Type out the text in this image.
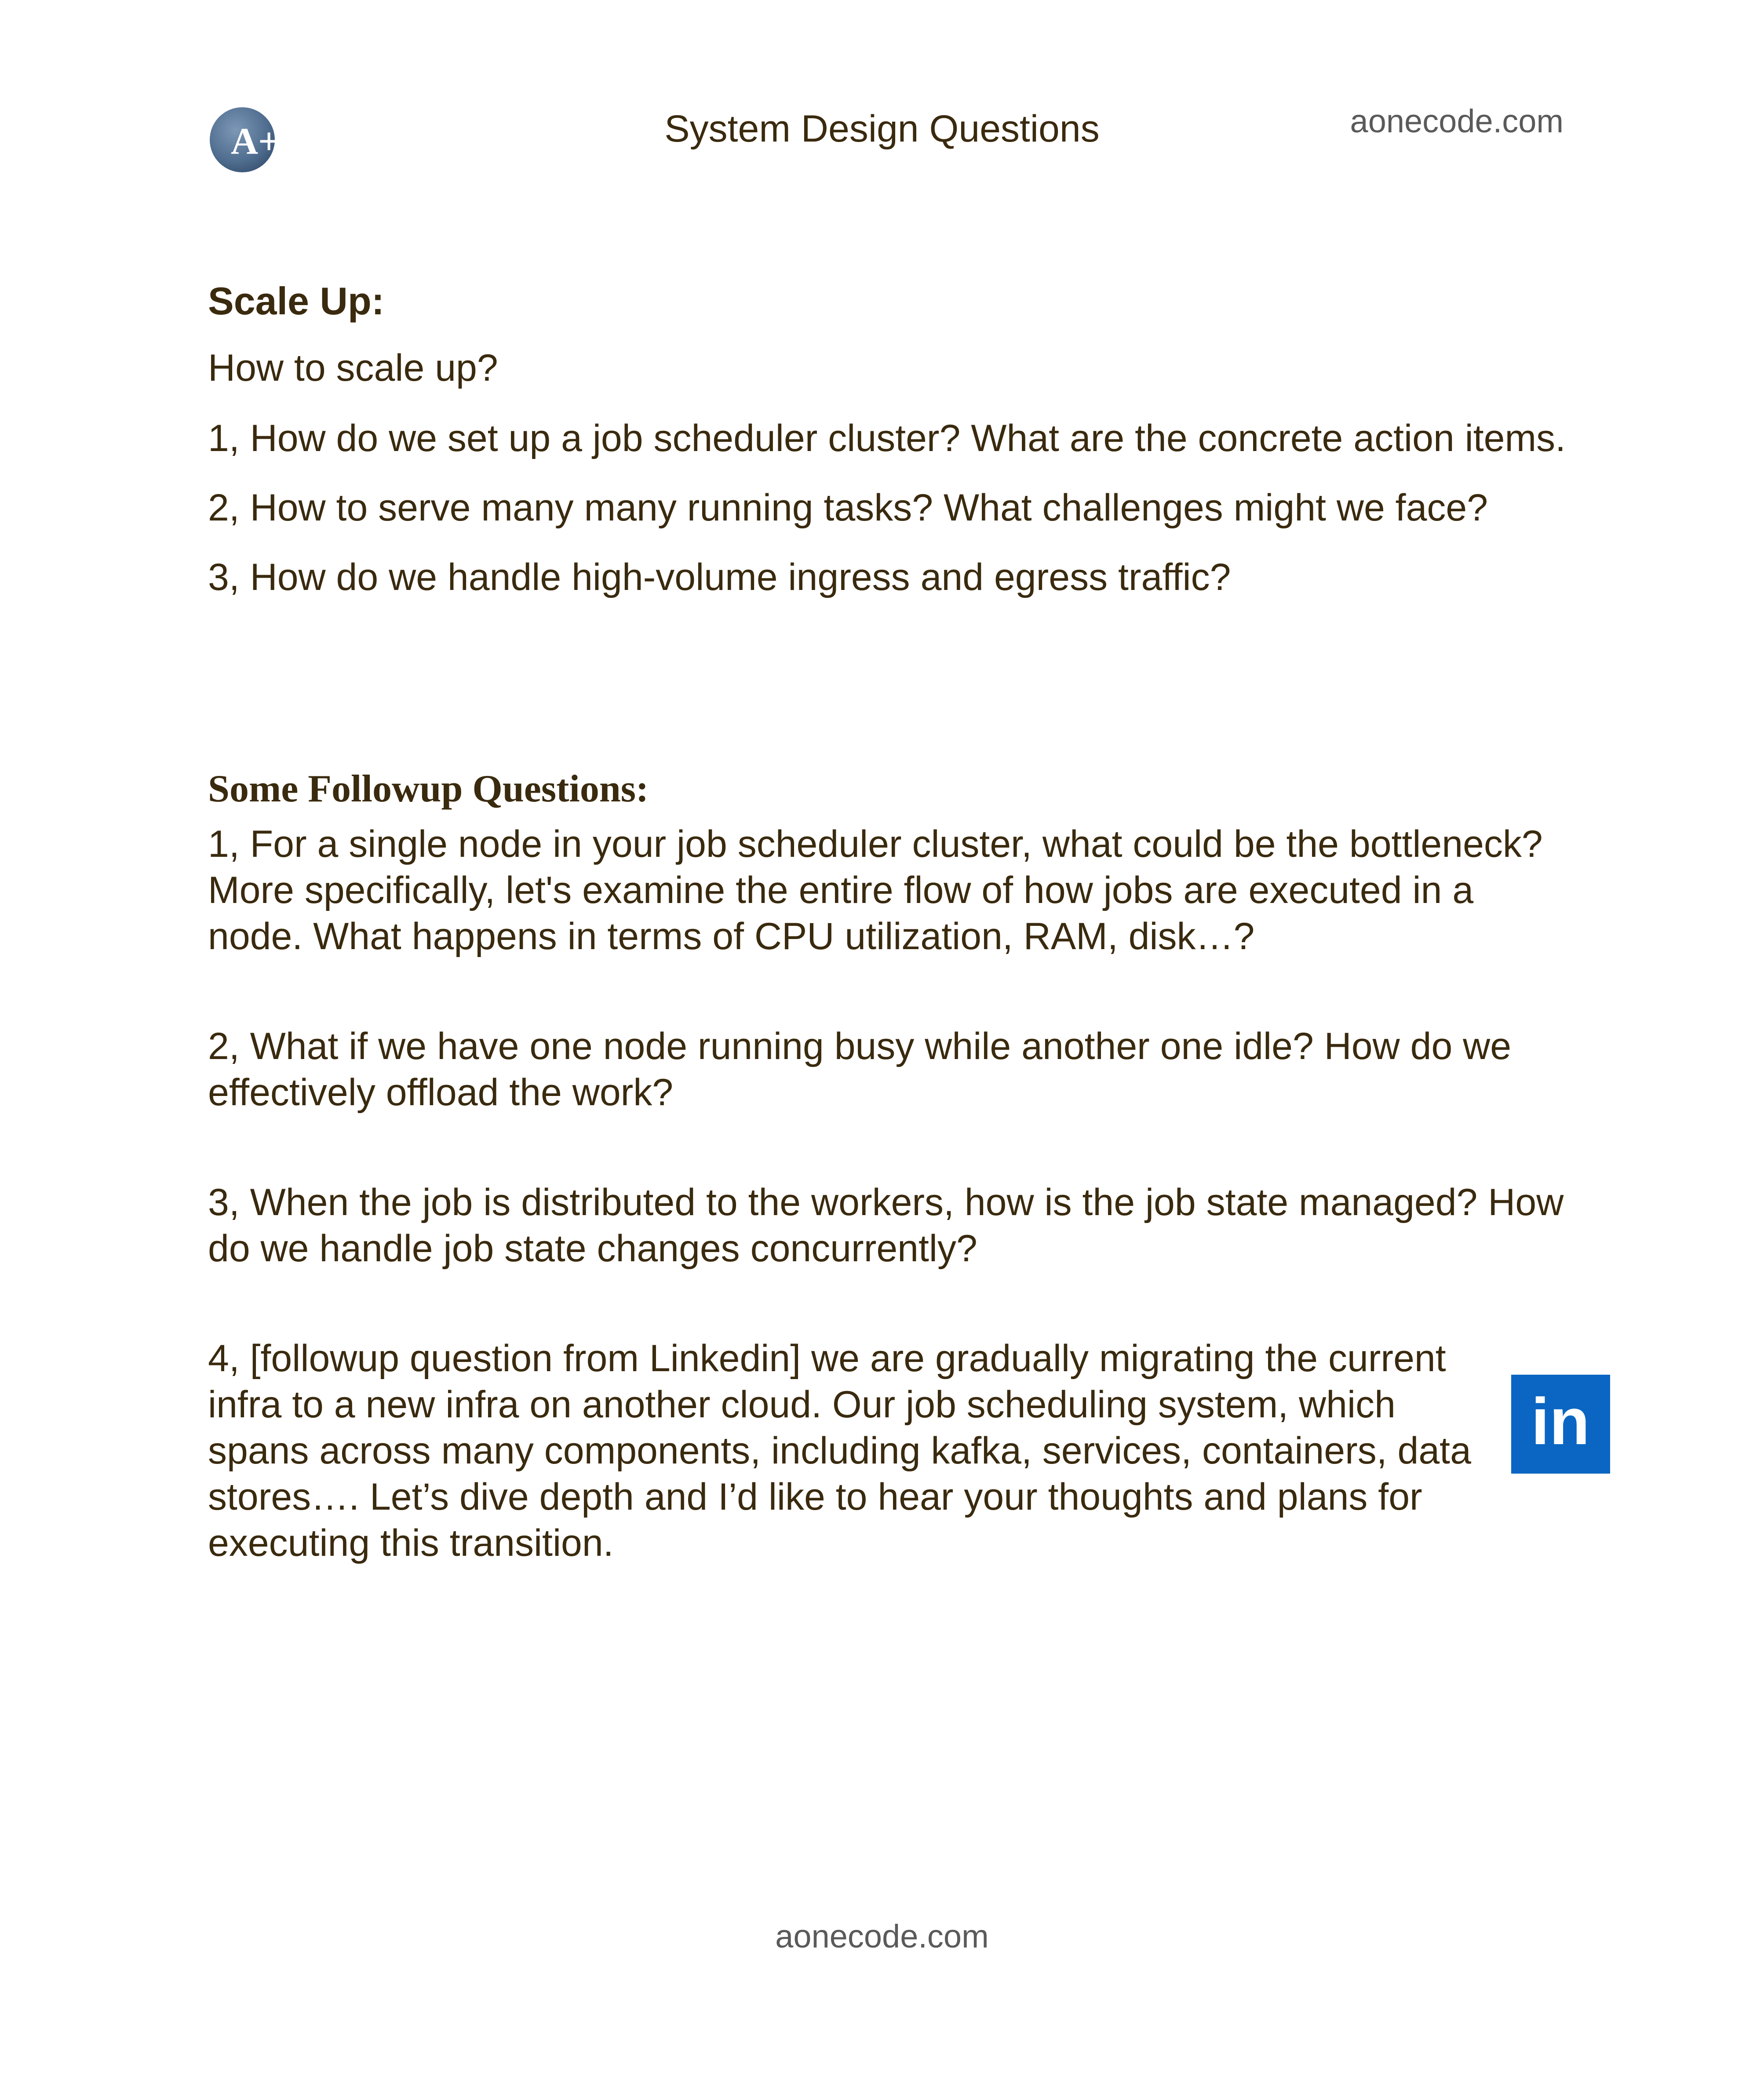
A++	System Design Questions	aonecode.com
Scale Up:
How to scale up?
1, How do we set up a job scheduler cluster? What are the concrete action items.
2, How to serve many many running tasks? What challenges might we face?
3, How do we handle high-volume ingress and egress traffic?
Some Followup Questions:

1, For a single node in your job scheduler cluster, what could be the bottleneck? More specifically, let's examine the entire flow of how jobs are executed in a node. What happens in terms of CPU utilization, RAM, disk…?

2, What if we have one node running busy while another one idle? How do we effectively offload the work?

3, When the job is distributed to the workers, how is the job state managed? How do we handle job state changes concurrently?

4, [followup question from Linkedin] we are gradually migrating the current infra to a new infra on another cloud. Our job scheduling system, which spans across many components, including kafka, services, containers, data stores…. Let’s dive depth and I’d like to hear your thoughts and plans for executing this transition.

in
aonecode.com
